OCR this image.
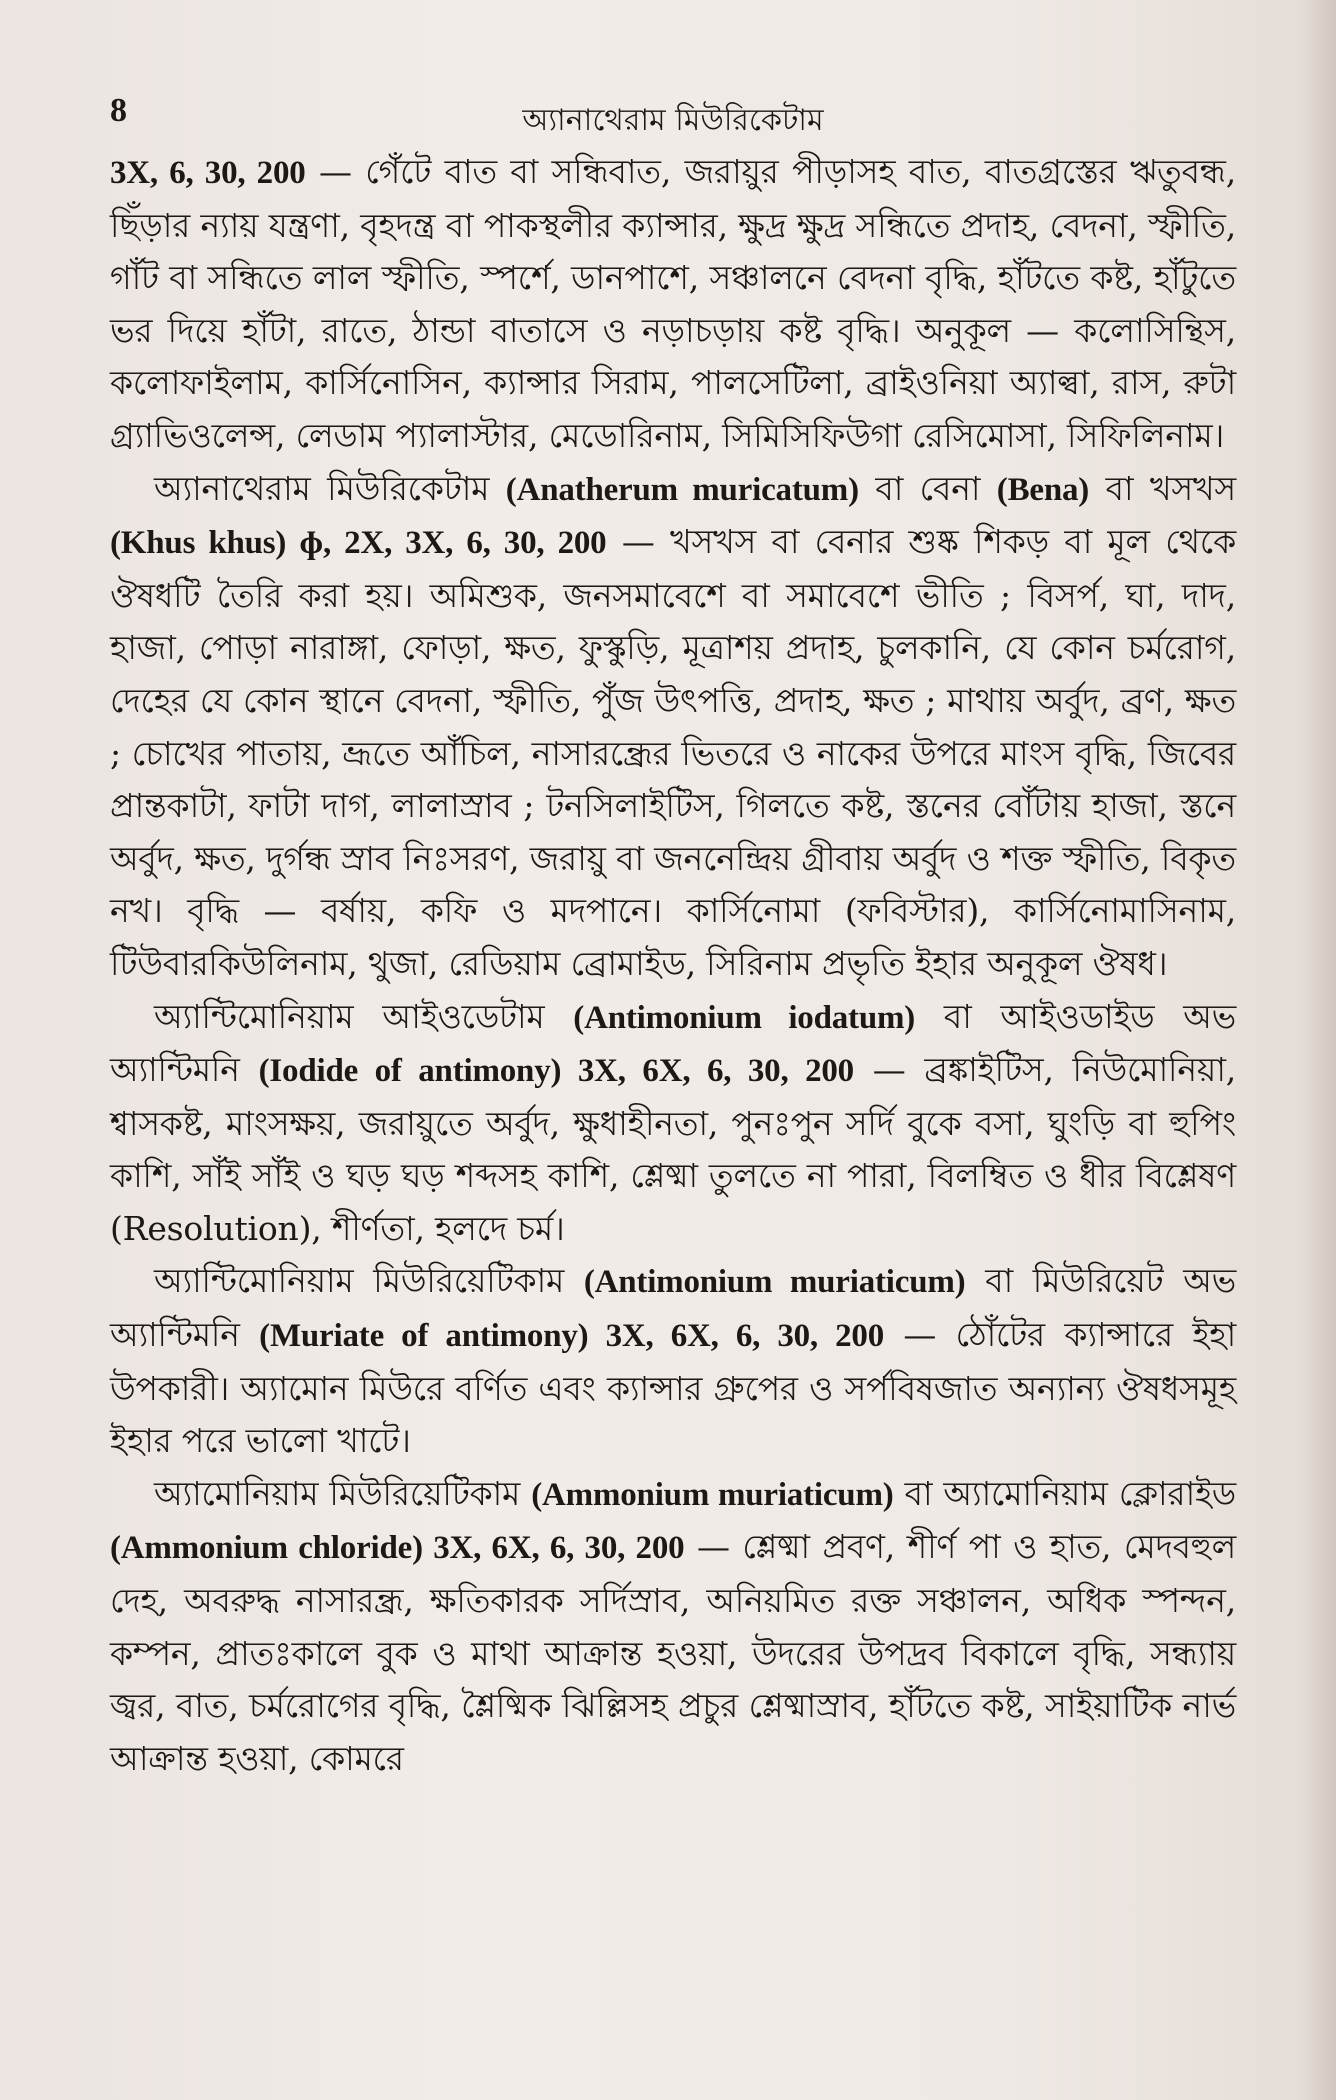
8	অ্যানাথেরাম মিউরিকেটাম

3X, 6, 30, 200 — গেঁটে বাত বা সন্ধিবাত, জরায়ুর পীড়াসহ বাত, বাতগ্রস্তের ঋতুবন্ধ, ছিঁড়ার ন্যায় যন্ত্রণা, বৃহদন্ত্র বা পাকস্থলীর ক্যান্সার, ক্ষুদ্র ক্ষুদ্র সন্ধিতে প্রদাহ, বেদনা, স্ফীতি, গাঁট বা সন্ধিতে লাল স্ফীতি, স্পর্শে, ডানপাশে, সঞ্চালনে বেদনা বৃদ্ধি, হাঁটতে কষ্ট, হাঁটুতে ভর দিয়ে হাঁটা, রাতে, ঠান্ডা বাতাসে ও নড়াচড়ায় কষ্ট বৃদ্ধি। অনুকূল — কলোসিন্থিস, কলোফাইলাম, কার্সিনোসিন, ক্যান্সার সিরাম, পালসেটিলা, ব্রাইওনিয়া অ্যাল্বা, রাস, রুটা গ্র্যাভিওলেন্স, লেডাম প্যালাস্টার, মেডোরিনাম, সিমিসিফিউগা রেসিমোসা, সিফিলিনাম।

অ্যানাথেরাম মিউরিকেটাম (Anatherum muricatum) বা বেনা (Bena) বা খসখস (Khus khus) ɸ, 2X, 3X, 6, 30, 200 — খসখস বা বেনার শুষ্ক শিকড় বা মূল থেকে ঔষধটি তৈরি করা হয়। অমিশুক, জনসমাবেশে বা সমাবেশে ভীতি ; বিসর্প, ঘা, দাদ, হাজা, পোড়া নারাঙ্গা, ফোড়া, ক্ষত, ফুস্কুড়ি, মূত্রাশয় প্রদাহ, চুলকানি, যে কোন চর্মরোগ, দেহের যে কোন স্থানে বেদনা, স্ফীতি, পুঁজ উৎপত্তি, প্রদাহ, ক্ষত ; মাথায় অর্বুদ, ব্রণ, ক্ষত ; চোখের পাতায়, ভ্রূতে আঁচিল, নাসারন্ধ্রের ভিতরে ও নাকের উপরে মাংস বৃদ্ধি, জিবের প্রান্তকাটা, ফাটা দাগ, লালাস্রাব ; টনসিলাইটিস, গিলতে কষ্ট, স্তনের বোঁটায় হাজা, স্তনে অর্বুদ, ক্ষত, দুর্গন্ধ স্রাব নিঃসরণ, জরায়ু বা জননেন্দ্রিয় গ্রীবায় অর্বুদ ও শক্ত স্ফীতি, বিকৃত নখ। বৃদ্ধি — বর্ষায়, কফি ও মদপানে। কার্সিনোমা (ফবিস্টার), কার্সিনোমাসিনাম, টিউবারকিউলিনাম, থুজা, রেডিয়াম ব্রোমাইড, সিরিনাম প্রভৃতি ইহার অনুকূল ঔষধ।

অ্যান্টিমোনিয়াম আইওডেটাম (Antimonium iodatum) বা আইওডাইড অভ অ্যান্টিমনি (Iodide of antimony) 3X, 6X, 6, 30, 200 — ব্রঙ্কাইটিস, নিউমোনিয়া, শ্বাসকষ্ট, মাংসক্ষয়, জরায়ুতে অর্বুদ, ক্ষুধাহীনতা, পুনঃপুন সর্দি বুকে বসা, ঘুংড়ি বা হুপিং কাশি, সাঁই সাঁই ও ঘড় ঘড় শব্দসহ কাশি, শ্লেষ্মা তুলতে না পারা, বিলম্বিত ও ধীর বিশ্লেষণ (Resolution), শীর্ণতা, হলদে চর্ম।

অ্যান্টিমোনিয়াম মিউরিয়েটিকাম (Antimonium muriaticum) বা মিউরিয়েট অভ অ্যান্টিমনি (Muriate of antimony) 3X, 6X, 6, 30, 200 — ঠোঁটের ক্যান্সারে ইহা উপকারী। অ্যামোন মিউরে বর্ণিত এবং ক্যান্সার গ্রুপের ও সর্পবিষজাত অন্যান্য ঔষধসমূহ ইহার পরে ভালো খাটে।

অ্যামোনিয়াম মিউরিয়েটিকাম (Ammonium muriaticum) বা অ্যামোনিয়াম ক্লোরাইড (Ammonium chloride) 3X, 6X, 6, 30, 200 — শ্লেষ্মা প্রবণ, শীর্ণ পা ও হাত, মেদবহুল দেহ, অবরুদ্ধ নাসারন্ধ্র, ক্ষতিকারক সর্দিস্রাব, অনিয়মিত রক্ত সঞ্চালন, অধিক স্পন্দন, কম্পন, প্রাতঃকালে বুক ও মাথা আক্রান্ত হওয়া, উদরের উপদ্রব বিকালে বৃদ্ধি, সন্ধ্যায় জ্বর, বাত, চর্মরোগের বৃদ্ধি, শ্লৈষ্মিক ঝিল্লিসহ প্রচুর শ্লেষ্মাস্রাব, হাঁটতে কষ্ট, সাইয়াটিক নার্ভ আক্রান্ত হওয়া, কোমরে
